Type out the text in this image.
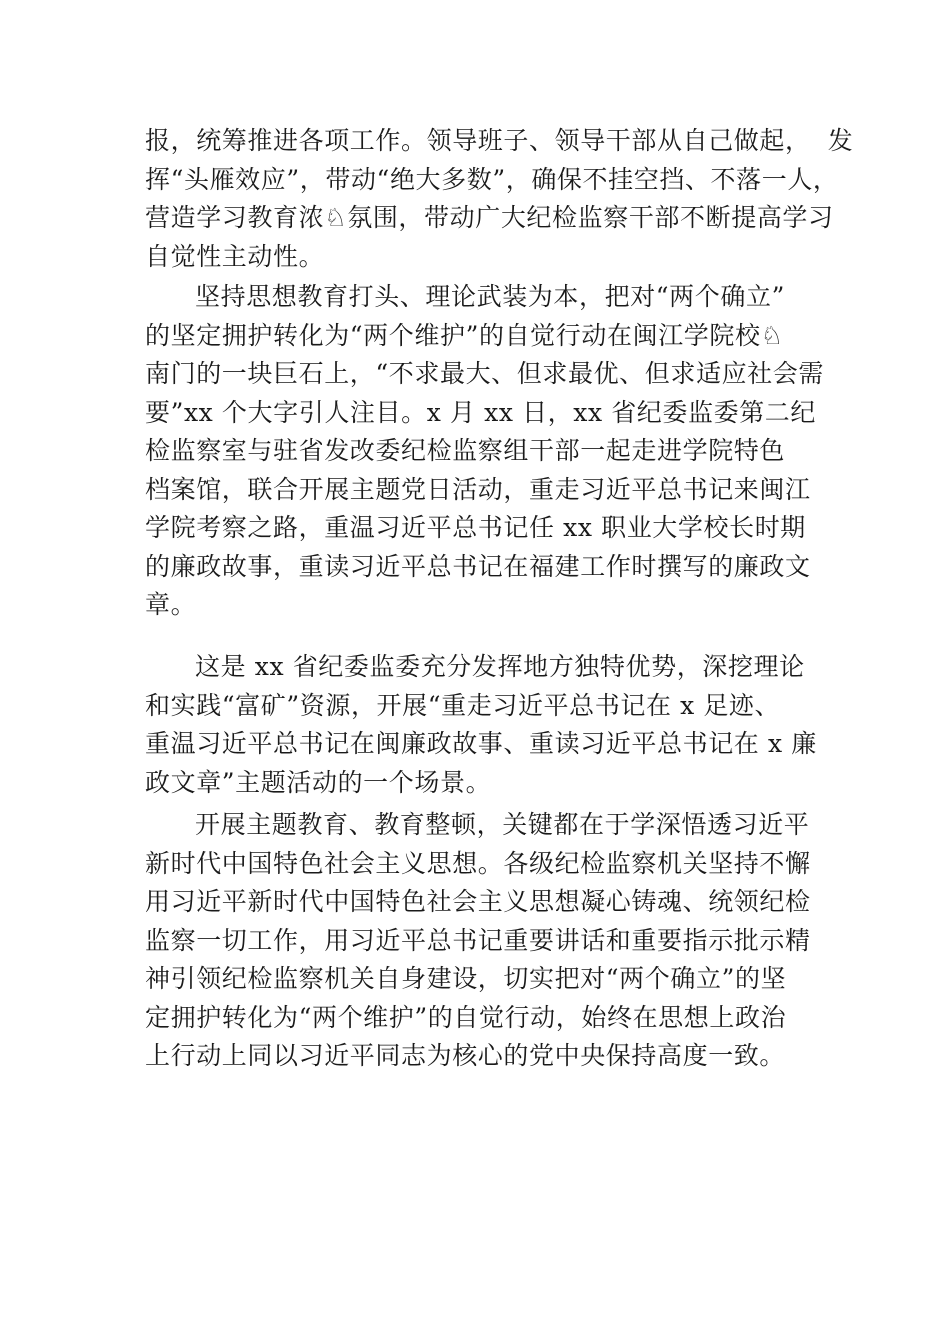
报，统筹推进各项工作。领导班子、领导干部从自己做起，  发
挥“头雁效应”，带动“绝大多数”，确保不挂空挡、不落一人，
营造学习教育浓♘氛围，带动广大纪检监察干部不断提高学习
自觉性主动性。
坚持思想教育打头、理论武装为本，把对“两个确立”
的坚定拥护转化为“两个维护”的自觉行动在闽江学院校♘
南门的一块巨石上，“不求最大、但求最优、但求适应社会需
要”xx 个大字引人注目。x 月 xx 日，xx 省纪委监委第二纪
检监察室与驻省发改委纪检监察组干部一起走进学院特色
档案馆，联合开展主题党日活动，重走习近平总书记来闽江
学院考察之路，重温习近平总书记任 xx 职业大学校长时期
的廉政故事，重读习近平总书记在福建工作时撰写的廉政文
章。
这是 xx 省纪委监委充分发挥地方独特优势，深挖理论
和实践“富矿”资源，开展“重走习近平总书记在 x 足迹、
重温习近平总书记在闽廉政故事、重读习近平总书记在 x 廉
政文章”主题活动的一个场景。
开展主题教育、教育整顿，关键都在于学深悟透习近平
新时代中国特色社会主义思想。各级纪检监察机关坚持不懈
用习近平新时代中国特色社会主义思想凝心铸魂、统领纪检
监察一切工作，用习近平总书记重要讲话和重要指示批示精
神引领纪检监察机关自身建设，切实把对“两个确立”的坚
定拥护转化为“两个维护”的自觉行动，始终在思想上政治
上行动上同以习近平同志为核心的党中央保持高度一致。
